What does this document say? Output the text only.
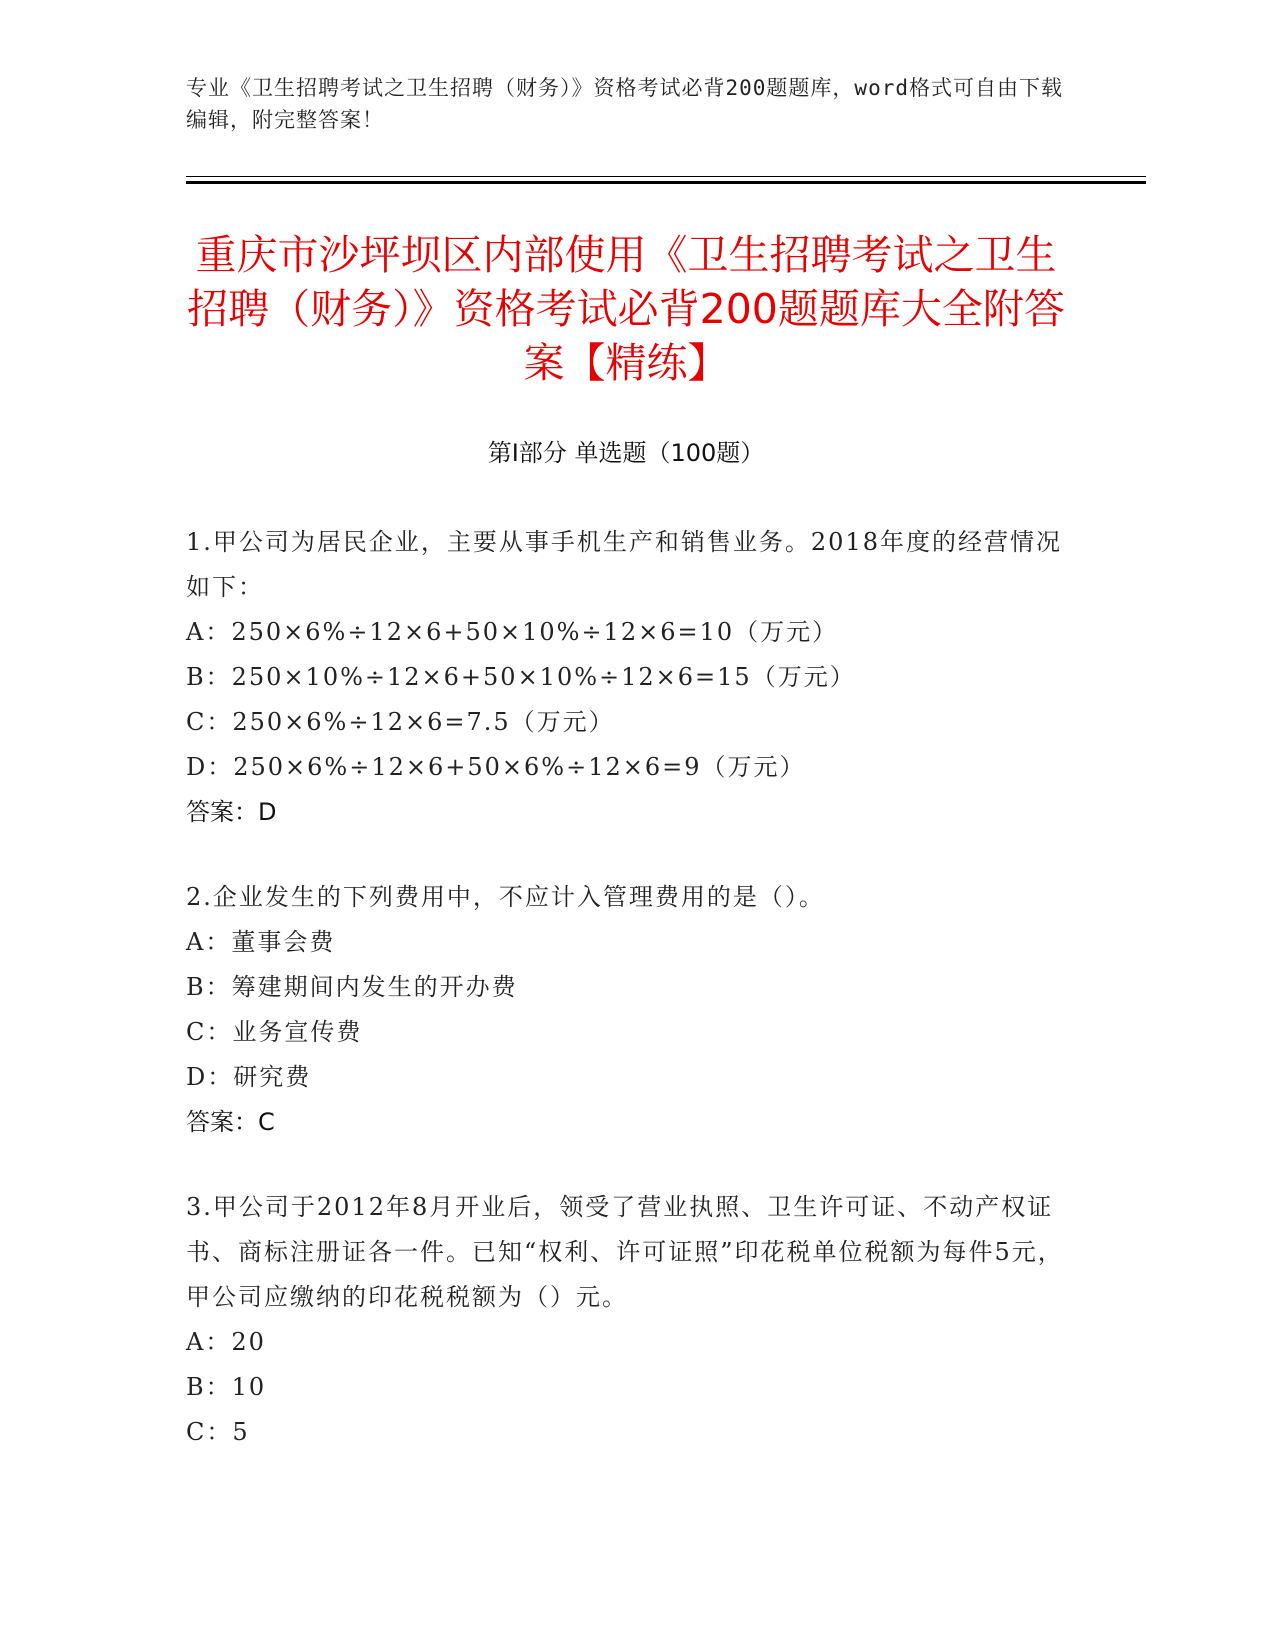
专业《卫生招聘考试之卫生招聘（财务）》资格考试必背200题题库，word格式可自由下载编辑，附完整答案！
重庆市沙坪坝区内部使用《卫生招聘考试之卫生招聘（财务）》资格考试必背200题题库大全附答案【精练】
第Ⅰ部分 单选题（100题）
1.甲公司为居民企业，主要从事手机生产和销售业务。2018年度的经营情况如下：
A：250×6%÷12×6+50×10%÷12×6=10（万元）
B：250×10%÷12×6+50×10%÷12×6=15（万元）
C：250×6%÷12×6=7.5（万元）
D：250×6%÷12×6+50×6%÷12×6=9（万元）
答案：D
2.企业发生的下列费用中，不应计入管理费用的是（）。
A：董事会费
B：筹建期间内发生的开办费
C：业务宣传费
D：研究费
答案：C
3.甲公司于2012年8月开业后，领受了营业执照、卫生许可证、不动产权证书、商标注册证各一件。已知“权利、许可证照”印花税单位税额为每件5元，甲公司应缴纳的印花税税额为（）元。
A：20
B：10
C：5
